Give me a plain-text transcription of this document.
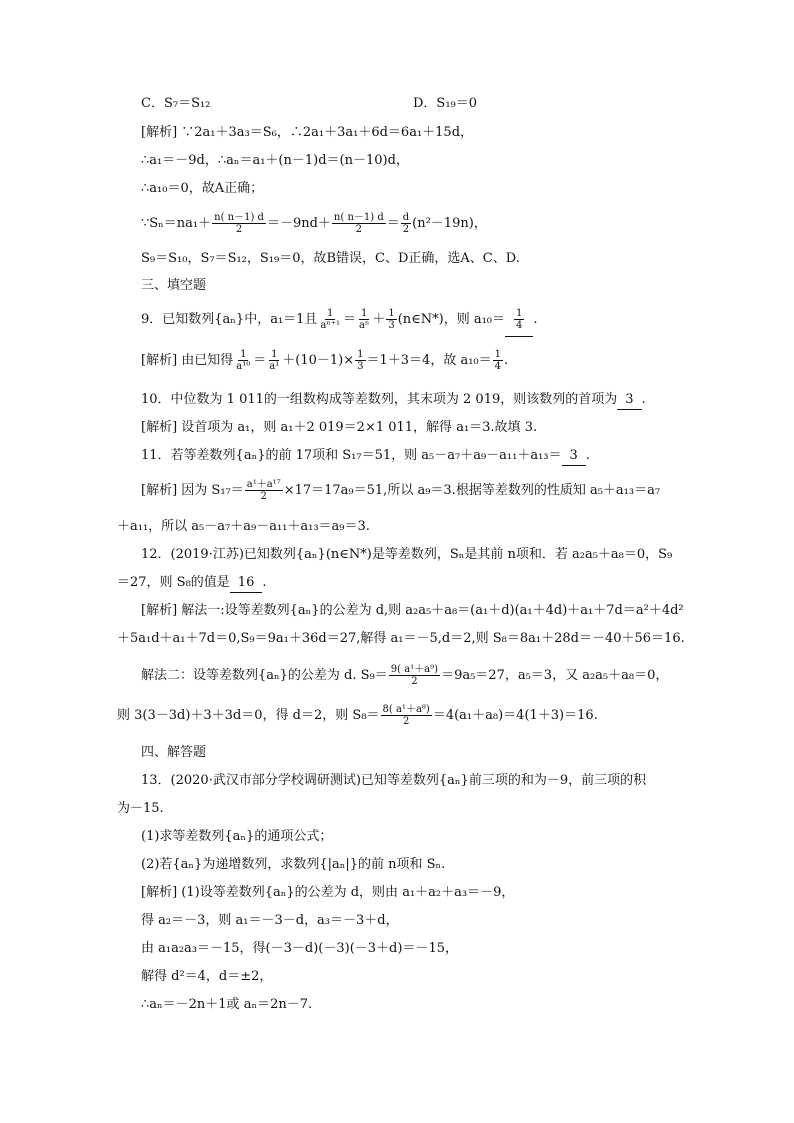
C．S₇＝S₁₂	D．S₁₉＝0
[解析] ∵2a₁＋3a₃＝S₆，∴2a₁＋3a₁＋6d＝6a₁＋15d，
∴a₁＝－9d，∴aₙ＝a₁＋(n－1)d＝(n－10)d，
∴a₁₀＝0，故A正确；
∵Sₙ＝na₁＋ $\frac{n( n-1) d}{2} =-9nd+ \frac{n( n-1) d}{2} = \frac{d}{2} (n^2-19n)$，
S₉＝S₁₀，S₇＝S₁₂，S₁₉＝0，故B错误，C、D正确，选A、C、D.
三、填空题
9．已知数列{aₙ}中，a₁＝1且 $\frac{1}{\text{aⁿ⁺¹}} = \frac{1}{\text{aⁿ}} + \frac{1}{3}$ (n∈N*)，则 $a_{10}= \frac{1}{4}$ .
[解析] 由已知得 $\frac{1}{\text{a¹⁰}} = \frac{1}{\text{a¹}} +(10-1)\times \frac{1}{3} =1+3=4$，故 $a_{10}= \frac{1}{4}$ .
10．中位数为 1 011的一组数构成等差数列，其末项为 2 019，则该数列的首项为 3 .
[解析] 设首项为 a₁，则 a₁＋2 019＝2×1 011，解得 a₁＝3.故填 3.
11．若等差数列{aₙ}的前 17项和 S₁₇＝51，则 a₅－a₇＋a₉－a₁₁＋a₁₃＝ 3 .
[解析] 因为 $S_{17}= \frac{\text{a¹＋a¹⁷}}{2} \times 17=17a_9=51$,所以 a₉＝3.根据等差数列的性质知 a₅＋a₁₃＝a₇
＋a₁₁，所以 a₅－a₇＋a₉－a₁₁＋a₁₃＝a₉＝3.
12．(2019·江苏)已知数列{aₙ}(n∈N*)是等差数列，Sₙ是其前 n项和．若 a₂a₅＋a₈＝0，S₉
＝27，则 S₈的值是 16 .
[解析] 解法一:设等差数列{aₙ}的公差为 d,则 a₂a₅＋a₈＝(a₁＋d)(a₁＋4d)＋a₁＋7d＝a²＋4d²
＋5a₁d＋a₁＋7d＝0,S₉＝9a₁＋36d＝27,解得 a₁＝－5,d＝2,则 S₈＝8a₁＋28d＝－40＋56＝16.
解法二：设等差数列{aₙ}的公差为 d. $S_9= \frac{\text{9( a¹＋a⁹)}}{2} =9a_5=27$，a₅＝3，又 a₂a₅＋a₈＝0，
则 3(3－3d)＋3＋3d＝0，得 d＝2，则 $S_8= \frac{\text{8( a¹＋a⁸)}}{2} =4(a_1+a_8)=4(1+3)=16$.
四、解答题
13．(2020·武汉市部分学校调研测试)已知等差数列{aₙ}前三项的和为－9，前三项的积
为－15.
(1)求等差数列{aₙ}的通项公式；
(2)若{aₙ}为递增数列，求数列{|aₙ|}的前 n项和 Sₙ.
[解析] (1)设等差数列{aₙ}的公差为 d，则由 a₁＋a₂＋a₃＝－9，
得 a₂＝－3，则 a₁＝－3－d，a₃＝－3＋d，
由 a₁a₂a₃＝－15，得(－3－d)(－3)(－3＋d)＝－15，
解得 d²＝4，d＝±2，
∴aₙ＝－2n＋1或 aₙ＝2n－7.
